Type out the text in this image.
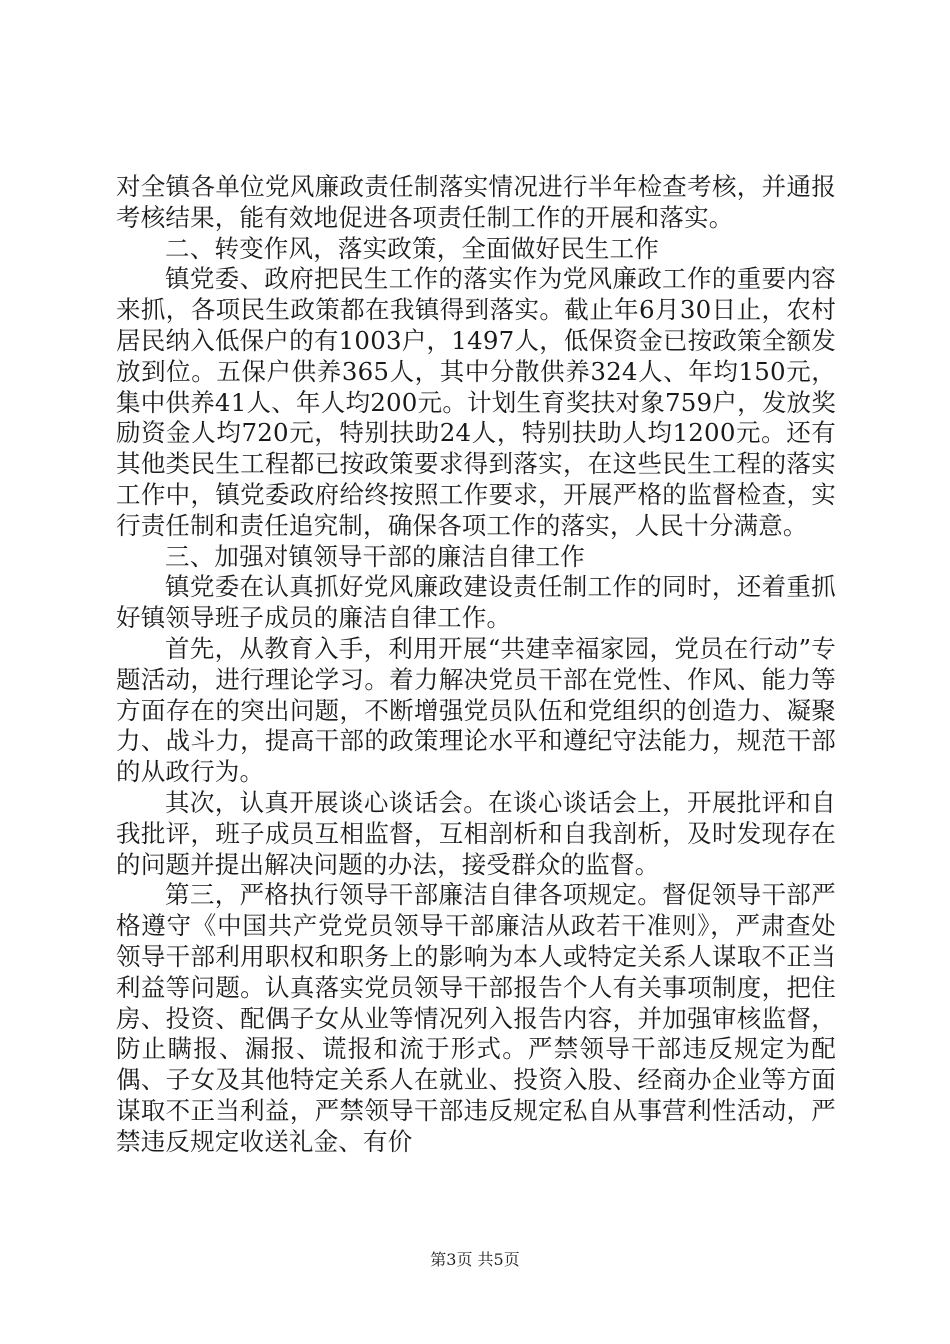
对全镇各单位党风廉政责任制落实情况进行半年检查考核，并通报考核结果，能有效地促进各项责任制工作的开展和落实。

二、转变作风，落实政策，全面做好民生工作

镇党委、政府把民生工作的落实作为党风廉政工作的重要内容来抓，各项民生政策都在我镇得到落实。截止年6月30日止，农村居民纳入低保户的有1003户，1497人，低保资金已按政策全额发放到位。五保户供养365人，其中分散供养324人、年均150元，集中供养41人、年人均200元。计划生育奖扶对象759户，发放奖励资金人均720元，特别扶助24人，特别扶助人均1200元。还有其他类民生工程都已按政策要求得到落实，在这些民生工程的落实工作中，镇党委政府给终按照工作要求，开展严格的监督检查，实行责任制和责任追究制，确保各项工作的落实，人民十分满意。

三、加强对镇领导干部的廉洁自律工作

镇党委在认真抓好党风廉政建设责任制工作的同时，还着重抓好镇领导班子成员的廉洁自律工作。

首先，从教育入手，利用开展“共建幸福家园，党员在行动”专题活动，进行理论学习。着力解决党员干部在党性、作风、能力等方面存在的突出问题，不断增强党员队伍和党组织的创造力、凝聚力、战斗力，提高干部的政策理论水平和遵纪守法能力，规范干部的从政行为。

其次，认真开展谈心谈话会。在谈心谈话会上，开展批评和自我批评，班子成员互相监督，互相剖析和自我剖析，及时发现存在的问题并提出解决问题的办法，接受群众的监督。

第三，严格执行领导干部廉洁自律各项规定。督促领导干部严格遵守《中国共产党党员领导干部廉洁从政若干准则》，严肃查处领导干部利用职权和职务上的影响为本人或特定关系人谋取不正当利益等问题。认真落实党员领导干部报告个人有关事项制度，把住房、投资、配偶子女从业等情况列入报告内容，并加强审核监督，防止瞒报、漏报、谎报和流于形式。严禁领导干部违反规定为配偶、子女及其他特定关系人在就业、投资入股、经商办企业等方面谋取不正当利益，严禁领导干部违反规定私自从事营利性活动，严禁违反规定收送礼金、有价

第3页 共5页
